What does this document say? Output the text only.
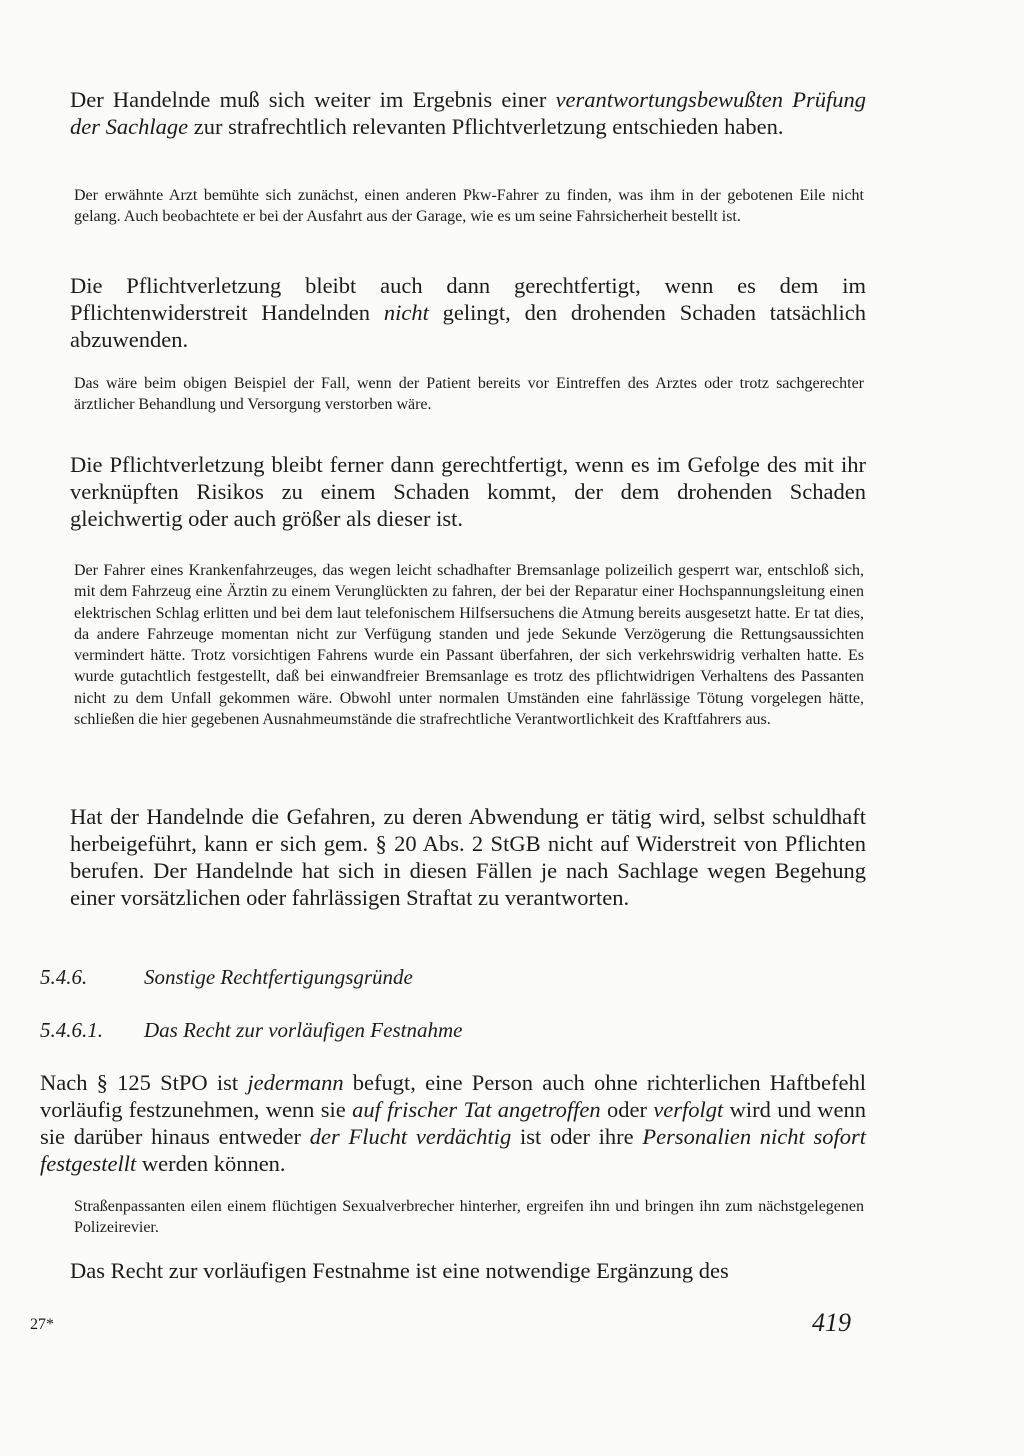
Der Handelnde muß sich weiter im Ergebnis einer verantwortungsbewußten Prüfung der Sachlage zur strafrechtlich relevanten Pflichtverletzung entschieden haben.

Der erwähnte Arzt bemühte sich zunächst, einen anderen Pkw-Fahrer zu finden, was ihm in der gebotenen Eile nicht gelang. Auch beobachtete er bei der Ausfahrt aus der Garage, wie es um seine Fahrsicherheit bestellt ist.

Die Pflichtverletzung bleibt auch dann gerechtfertigt, wenn es dem im Pflichtenwiderstreit Handelnden nicht gelingt, den drohenden Schaden tatsächlich abzuwenden.

Das wäre beim obigen Beispiel der Fall, wenn der Patient bereits vor Eintreffen des Arztes oder trotz sachgerechter ärztlicher Behandlung und Versorgung verstorben wäre.

Die Pflichtverletzung bleibt ferner dann gerechtfertigt, wenn es im Gefolge des mit ihr verknüpften Risikos zu einem Schaden kommt, der dem drohenden Schaden gleichwertig oder auch größer als dieser ist.

Der Fahrer eines Krankenfahrzeuges, das wegen leicht schadhafter Bremsanlage polizeilich gesperrt war, entschloß sich, mit dem Fahrzeug eine Ärztin zu einem Verunglückten zu fahren, der bei der Reparatur einer Hochspannungsleitung einen elektrischen Schlag erlitten und bei dem laut telefonischem Hilfsersuchens die Atmung bereits ausgesetzt hatte. Er tat dies, da andere Fahrzeuge momentan nicht zur Verfügung standen und jede Sekunde Verzögerung die Rettungsaussichten vermindert hätte. Trotz vorsichtigen Fahrens wurde ein Passant überfahren, der sich verkehrswidrig verhalten hatte. Es wurde gutachtlich festgestellt, daß bei einwandfreier Bremsanlage es trotz des pflichtwidrigen Verhaltens des Passanten nicht zu dem Unfall gekommen wäre. Obwohl unter normalen Umständen eine fahrlässige Tötung vorgelegen hätte, schließen die hier gegebenen Ausnahmeumstände die strafrechtliche Verantwortlichkeit des Kraftfahrers aus.

Hat der Handelnde die Gefahren, zu deren Abwendung er tätig wird, selbst schuldhaft herbeigeführt, kann er sich gem. § 20 Abs. 2 StGB nicht auf Widerstreit von Pflichten berufen. Der Handelnde hat sich in diesen Fällen je nach Sachlage wegen Begehung einer vorsätzlichen oder fahrlässigen Straftat zu verantworten.

5.4.6.	Sonstige Rechtfertigungsgründe
5.4.6.1. Das Recht zur vorläufigen Festnahme

Nach § 125 StPO ist jedermann befugt, eine Person auch ohne richterlichen Haftbefehl vorläufig festzunehmen, wenn sie auf frischer Tat angetroffen oder verfolgt wird und wenn sie darüber hinaus entweder der Flucht verdächtig ist oder ihre Personalien nicht sofort festgestellt werden können.

Straßenpassanten eilen einem flüchtigen Sexualverbrecher hinterher, ergreifen ihn und bringen ihn zum nächstgelegenen Polizeirevier.

Das Recht zur vorläufigen Festnahme ist eine notwendige Ergänzung des

27*	419
